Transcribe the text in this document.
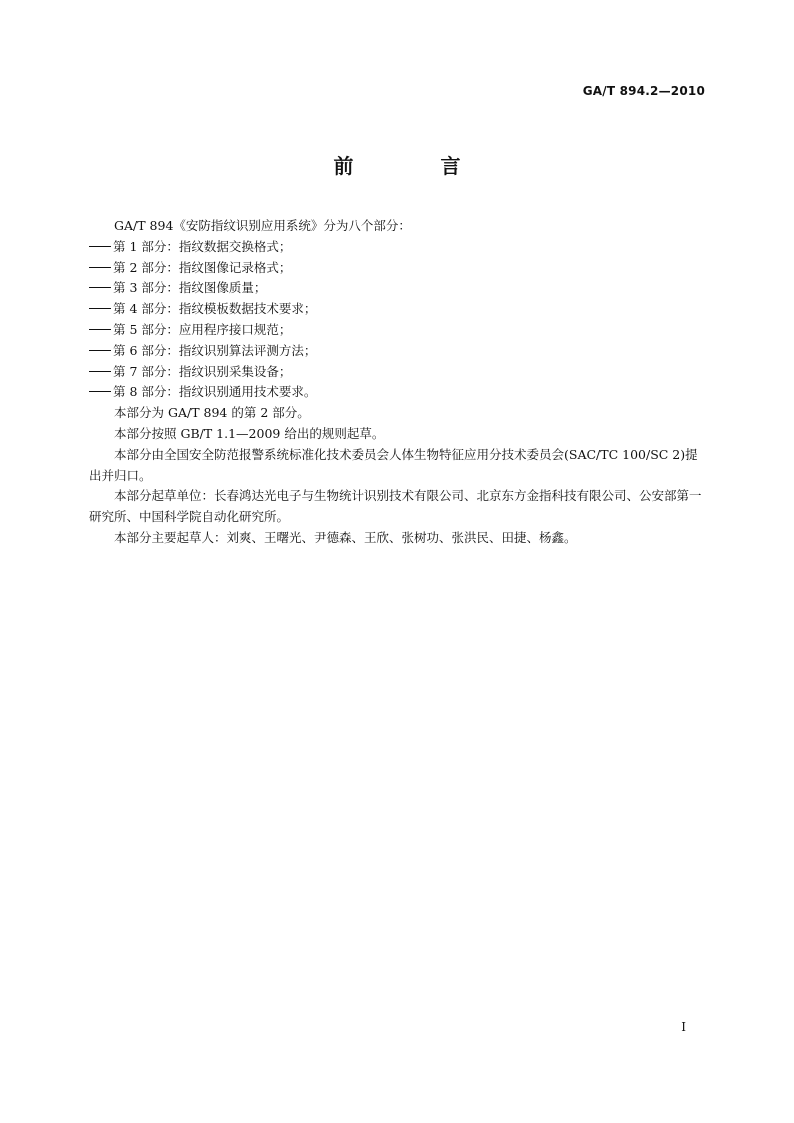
GA/T 894.2—2010
前 言

GA/T 894《安防指纹识别应用系统》分为八个部分：

第 1 部分：指纹数据交换格式；

第 2 部分：指纹图像记录格式；

第 3 部分：指纹图像质量；

第 4 部分：指纹模板数据技术要求；

第 5 部分：应用程序接口规范；

第 6 部分：指纹识别算法评测方法；

第 7 部分：指纹识别采集设备；

第 8 部分：指纹识别通用技术要求。

本部分为 GA/T 894 的第 2 部分。

本部分按照 GB/T 1.1—2009 给出的规则起草。

本部分由全国安全防范报警系统标准化技术委员会人体生物特征应用分技术委员会(SAC/TC 100/SC 2)提出并归口。

本部分起草单位：长春鸿达光电子与生物统计识别技术有限公司、北京东方金指科技有限公司、公安部第一研究所、中国科学院自动化研究所。

本部分主要起草人：刘爽、王曙光、尹德森、王欣、张树功、张洪民、田捷、杨鑫。

I
